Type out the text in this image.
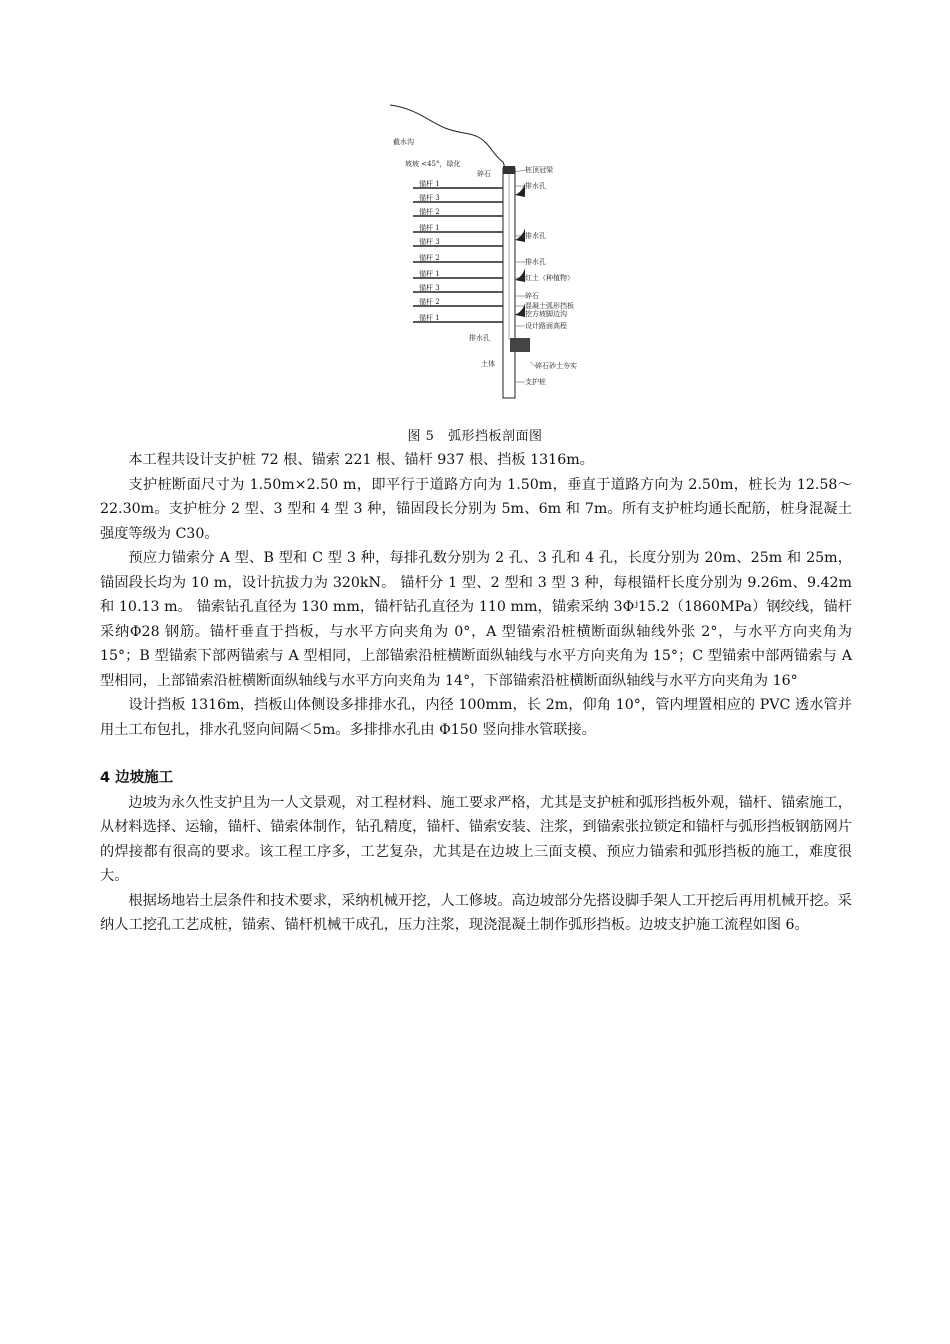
锚杆 1
锚杆 3
锚杆 2
锚杆 1
锚杆 3
锚杆 2
锚杆 1
锚杆 3
锚杆 2
锚杆 1
截水沟
坡坡 <45°，绿化
碎石	桩顶冠梁
排水孔
排水孔
排水孔
红土（种植物）
碎石
混凝土弧形挡板
挖方坡脚边沟
设计路面高程
排水孔
土体	碎石砂土夯实
支护桩
图 5　弧形挡板剖面图

本工程共设计支护桩 72 根、锚索 221 根、锚杆 937 根、挡板 1316m。

支护桩断面尺寸为 1.50m×2.50 m，即平行于道路方向为 1.50m，垂直于道路方向为 2.50m，桩长为 12.58～22.30m。支护桩分 2 型、3 型和 4 型 3 种，锚固段长分别为 5m、6m 和 7m。所有支护桩均通长配筋，桩身混凝土强度等级为 C30。

预应力锚索分 A 型、B 型和 C 型 3 种，每排孔数分别为 2 孔、3 孔和 4 孔，长度分别为 20m、25m 和 25m，锚固段长均为 10 m，设计抗拔力为 320kN。 锚杆分 1 型、2 型和 3 型 3 种，每根锚杆长度分别为 9.26m、9.42m 和 10.13 m。 锚索钻孔直径为 130 mm，锚杆钻孔直径为 110 mm，锚索采纳 3Φʲ15.2（1860MPa）钢绞线，锚杆采纳Φ28 钢筋。锚杆垂直于挡板，与水平方向夹角为 0°，A 型锚索沿桩横断面纵轴线外张 2°，与水平方向夹角为 15°；B 型锚索下部两锚索与 A 型相同，上部锚索沿桩横断面纵轴线与水平方向夹角为 15°；C 型锚索中部两锚索与 A 型相同，上部锚索沿桩横断面纵轴线与水平方向夹角为 14°，下部锚索沿桩横断面纵轴线与水平方向夹角为 16°

设计挡板 1316m，挡板山体侧设多排排水孔，内径 100mm，长 2m，仰角 10°，管内埋置相应的 PVC 透水管并用土工布包扎，排水孔竖向间隔＜5m。多排排水孔由 Φ150 竖向排水管联接。

4 边坡施工

边坡为永久性支护且为一人文景观，对工程材料、施工要求严格，尤其是支护桩和弧形挡板外观，锚杆、锚索施工，从材料选择、运输，锚杆、锚索体制作，钻孔精度，锚杆、锚索安装、注浆，到锚索张拉锁定和锚杆与弧形挡板钢筋网片的焊接都有很高的要求。该工程工序多，工艺复杂，尤其是在边坡上三面支模、预应力锚索和弧形挡板的施工，难度很大。

根据场地岩土层条件和技术要求，采纳机械开挖，人工修坡。高边坡部分先搭设脚手架人工开挖后再用机械开挖。采纳人工挖孔工艺成桩，锚索、锚杆机械干成孔，压力注浆，现浇混凝土制作弧形挡板。边坡支护施工流程如图 6。
